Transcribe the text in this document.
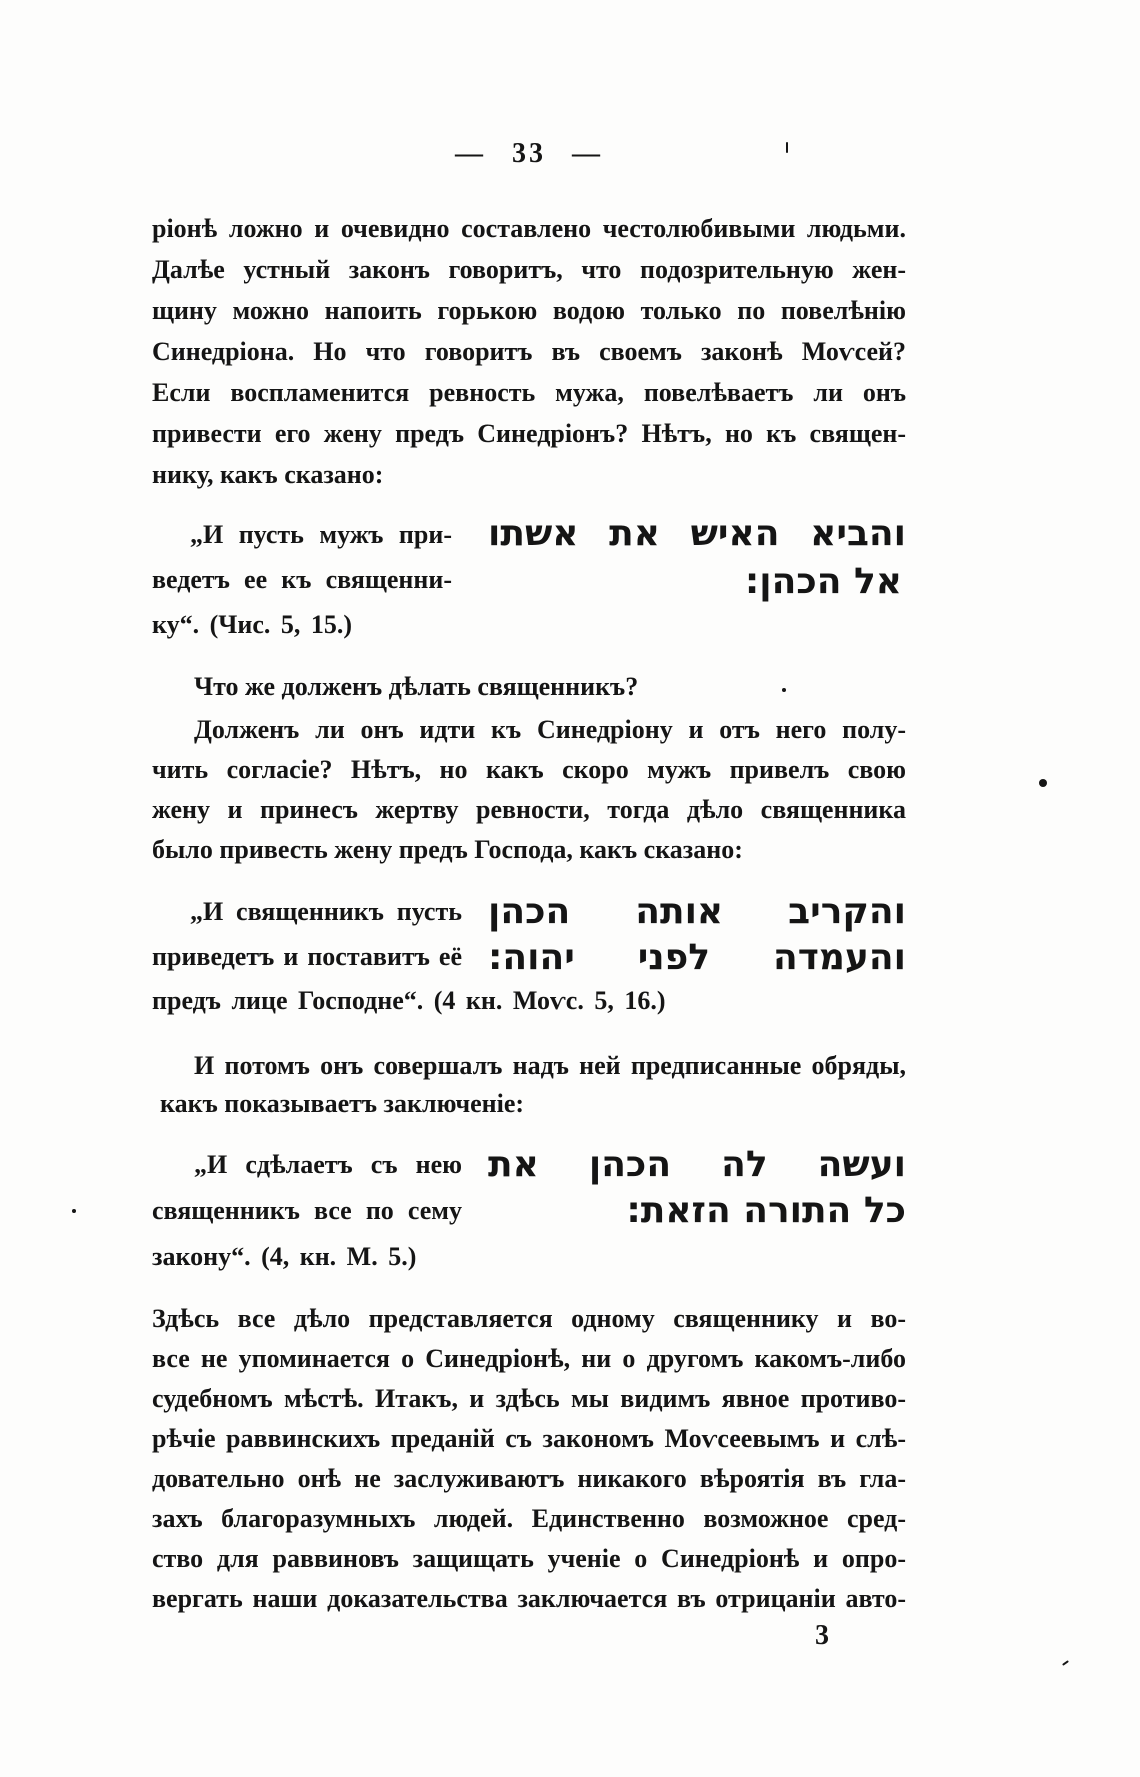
— 33 —
ріонѣ ложно и очевидно составлено честолюбивыми людьми.
Далѣе устный законъ говоритъ, что подозрительную жен-
щину можно напоить горькою водою только по повелѣнію
Синедріона. Но что говоритъ въ своемъ законѣ Моѵсей?
Если воспламенится ревность мужа, повелѣваетъ ли онъ
привести его жену предъ Синедріонъ? Нѣтъ, но къ священ-
нику, какъ сказано:
„И пусть мужъ при-
ведетъ ее къ священни-
ку“. (Чис. 5, 15.)
והביא האיש את אשתו
אל הכהן:
Что же долженъ дѣлать священникъ?
Долженъ ли онъ идти къ Синедріону и отъ него полу-
чить согласіе? Нѣтъ, но какъ скоро мужъ привелъ свою
жену и принесъ жертву ревности, тогда дѣло священника
было привесть жену предъ Господа, какъ сказано:
„И священникъ пусть
приведетъ и поставитъ её
предъ лице Господне“. (4 кн. Моѵс. 5, 16.)
והקריב אותה הכהן
והעמדה לפני יהוה:
И потомъ онъ совершалъ надъ ней предписанные обряды,
какъ показываетъ заключеніе:
„И сдѣлаетъ съ нею
священникъ все по сему
закону“. (4, кн. М. 5.)
ועשה לה הכהן את
כל התורה הזאת:
Здѣсь все дѣло представляется одному священнику и во-
все не упоминается о Синедріонѣ, ни о другомъ какомъ-либо
судебномъ мѣстѣ. Итакъ, и здѣсь мы видимъ явное противо-
рѣчіе раввинскихъ преданій съ закономъ Моѵсеевымъ и слѣ-
довательно онѣ не заслуживаютъ никакого вѣроятія въ гла-
захъ благоразумныхъ людей. Единственно возможное сред-
ство для раввиновъ защищать ученіе о Синедріонѣ и опро-
вергать наши доказательства заключается въ отрицаніи авто-
3
